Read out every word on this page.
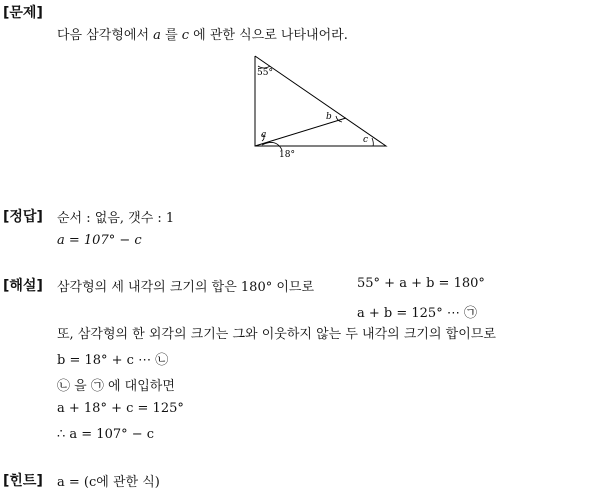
[문제]
다음 삼각형에서 a 를 c 에 관한 식으로 나타내어라.
55°
b
a	c
18°
[정답] 순서 : 없음, 갯수 : 1
a = 107° − c
[해설] 삼각형의 세 내각의 크기의 합은 180° 이므로	55° + a + b = 180°
a + b = 125° ⋯ ㉠
또, 삼각형의 한 외각의 크기는 그와 이웃하지 않는 두 내각의 크기의 합이므로
b = 18° + c ⋯ ㉡
㉡ 을 ㉠ 에 대입하면
a + 18° + c = 125°
∴ a = 107° − c
[힌트] a = (c에 관한 식)
